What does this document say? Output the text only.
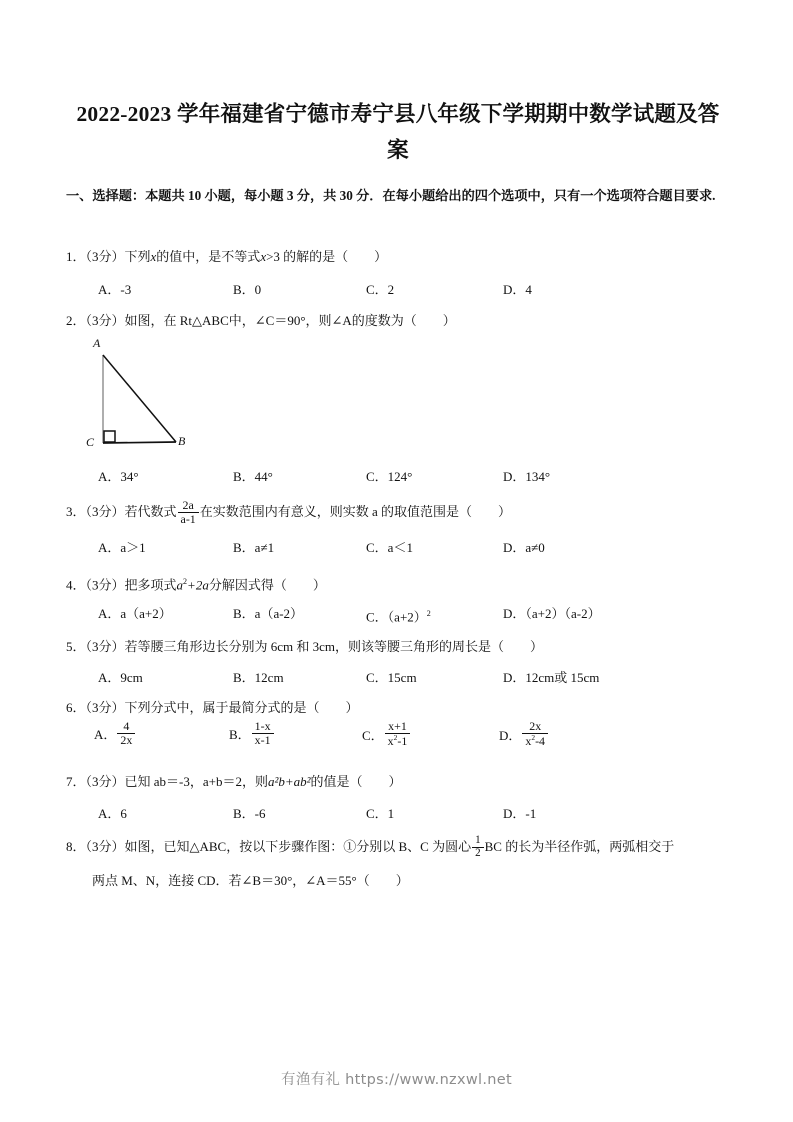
2022-2023 学年福建省宁德市寿宁县八年级下学期期中数学试题及答案
一、选择题：本题共 10 小题，每小题 3 分，共 30 分．在每小题给出的四个选项中，只有一个选项符合题目要求.
1．（3分）下列x的值中，是不等式x>3 的解的是（　　）
A．-3	B．0	C．2	D．4
2．（3分）如图，在 Rt△ABC中，∠C＝90°，则∠A的度数为（　　）
A
C	B
A．34°	B．44°	C．124°	D．134°
3．（3分）若代数式 $\frac{2a}{a-1}$ 在实数范围内有意义，则实数 a 的取值范围是（　　）
A．a＞1	B．a≠1	C．a＜1	D．a≠0
4．（3分）把多项式$a^2+2a$分解因式得（　　）
A．a（a+2）	B．a（a-2）	C．$(a+2)^2$	D．（a+2）（a-2）
5．（3分）若等腰三角形边长分别为 6cm 和 3cm，则该等腰三角形的周长是（　　）
A．9cm	B．12cm	C．15cm	D．12cm或 15cm
6．（3分）下列分式中，属于最简分式的是（　　）
A． $\frac{4}{2x}$	B． $\frac{1-x}{x-1}$	C． $\frac{x+1}{x^2-1}$	D． $\frac{2x}{x^2-4}$
7．（3分）已知 ab＝-3，a+b＝2，则a²b+ab²的值是（　　）
A．6	B．-6	C．1	D．-1
8．（3分）如图，已知△ABC，按以下步骤作图：①分别以 B、C 为圆心 $\frac{1}{2}$ BC 的长为半径作弧，两弧相交于
两点 M、N，连接 CD．若∠B＝30°，∠A＝55°（　　）
有渔有礼 https://www.nzxwl.net
